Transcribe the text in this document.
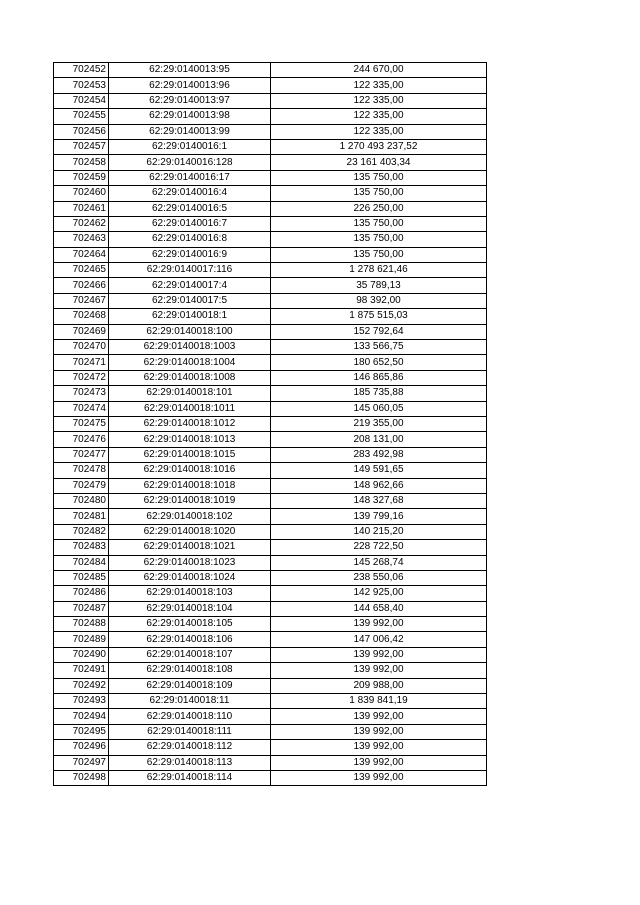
702452	62:29:0140013:95	244 670,00
702453	62:29:0140013:96	122 335,00
702454	62:29:0140013:97	122 335,00
702455	62:29:0140013:98	122 335,00
702456	62:29:0140013:99	122 335,00
702457	62:29:0140016:1	1 270 493 237,52
702458	62:29:0140016:128	23 161 403,34
702459	62:29:0140016:17	135 750,00
702460	62:29:0140016:4	135 750,00
702461	62:29:0140016:5	226 250,00
702462	62:29:0140016:7	135 750,00
702463	62:29:0140016:8	135 750,00
702464	62:29:0140016:9	135 750,00
702465	62:29:0140017:116	1 278 621,46
702466	62:29:0140017:4	35 789,13
702467	62:29:0140017:5	98 392,00
702468	62:29:0140018:1	1 875 515,03
702469	62:29:0140018:100	152 792,64
702470	62:29:0140018:1003	133 566,75
702471	62:29:0140018:1004	180 652,50
702472	62:29:0140018:1008	146 865,86
702473	62:29:0140018:101	185 735,88
702474	62:29:0140018:1011	145 060,05
702475	62:29:0140018:1012	219 355,00
702476	62:29:0140018:1013	208 131,00
702477	62:29:0140018:1015	283 492,98
702478	62:29:0140018:1016	149 591,65
702479	62:29:0140018:1018	148 962,66
702480	62:29:0140018:1019	148 327,68
702481	62:29:0140018:102	139 799,16
702482	62:29:0140018:1020	140 215,20
702483	62:29:0140018:1021	228 722,50
702484	62:29:0140018:1023	145 268,74
702485	62:29:0140018:1024	238 550,06
702486	62:29:0140018:103	142 925,00
702487	62:29:0140018:104	144 658,40
702488	62:29:0140018:105	139 992,00
702489	62:29:0140018:106	147 006,42
702490	62:29:0140018:107	139 992,00
702491	62:29:0140018:108	139 992,00
702492	62:29:0140018:109	209 988,00
702493	62:29:0140018:11	1 839 841,19
702494	62:29:0140018:110	139 992,00
702495	62:29:0140018:111	139 992,00
702496	62:29:0140018:112	139 992,00
702497	62:29:0140018:113	139 992,00
702498	62:29:0140018:114	139 992,00
